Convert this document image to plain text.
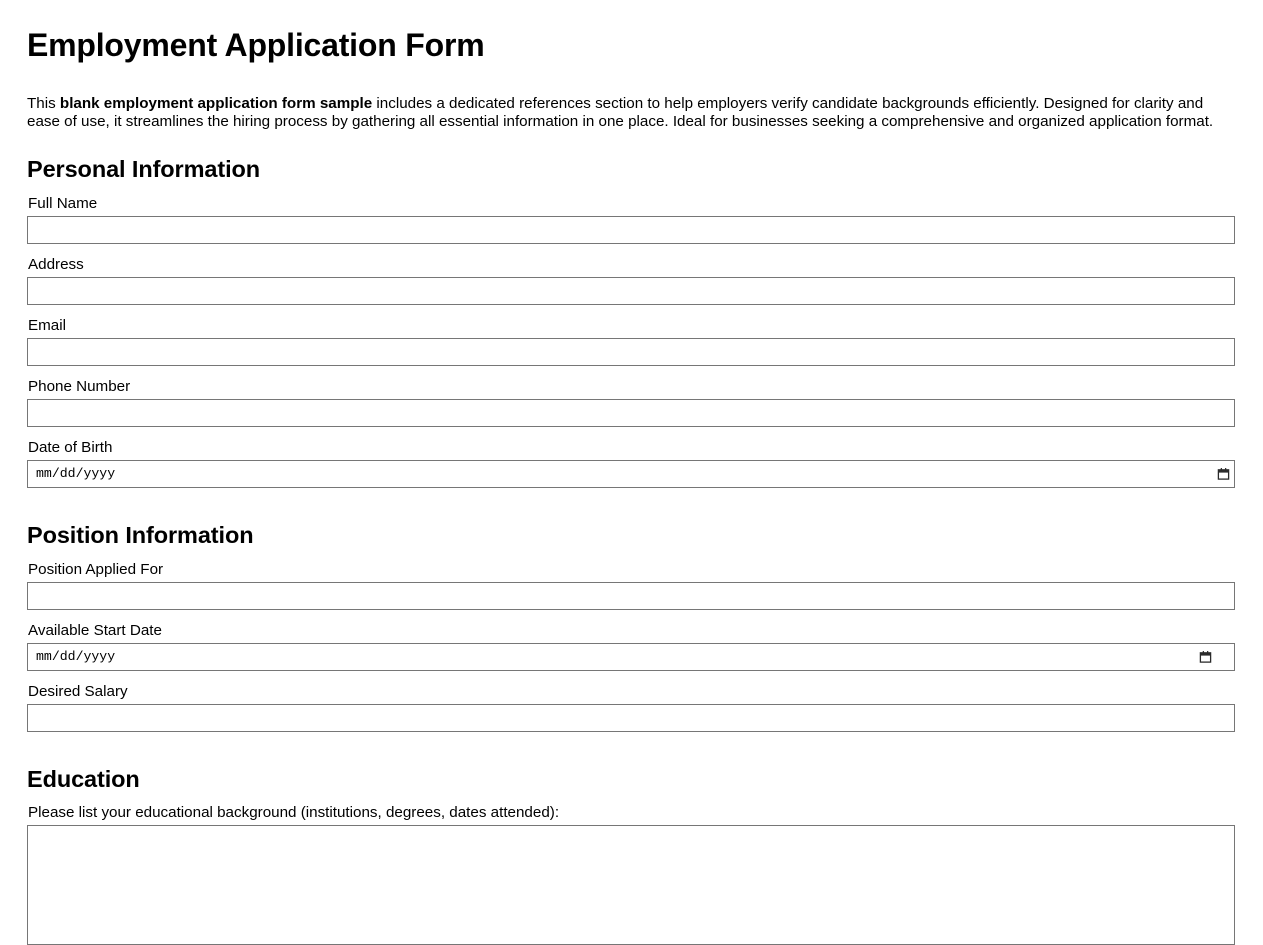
Employment Application Form

This blank employment application form sample includes a dedicated references section to help employers verify candidate backgrounds efficiently. Designed for clarity and ease of use, it streamlines the hiring process by gathering all essential information in one place. Ideal for businesses seeking a comprehensive and organized application format.

Personal Information
Full Name
Address
Email
Phone Number
Date of Birth
mm/dd/yyyy
Position Information
Position Applied For
Available Start Date
mm/dd/yyyy
Desired Salary
Education
Please list your educational background (institutions, degrees, dates attended):
